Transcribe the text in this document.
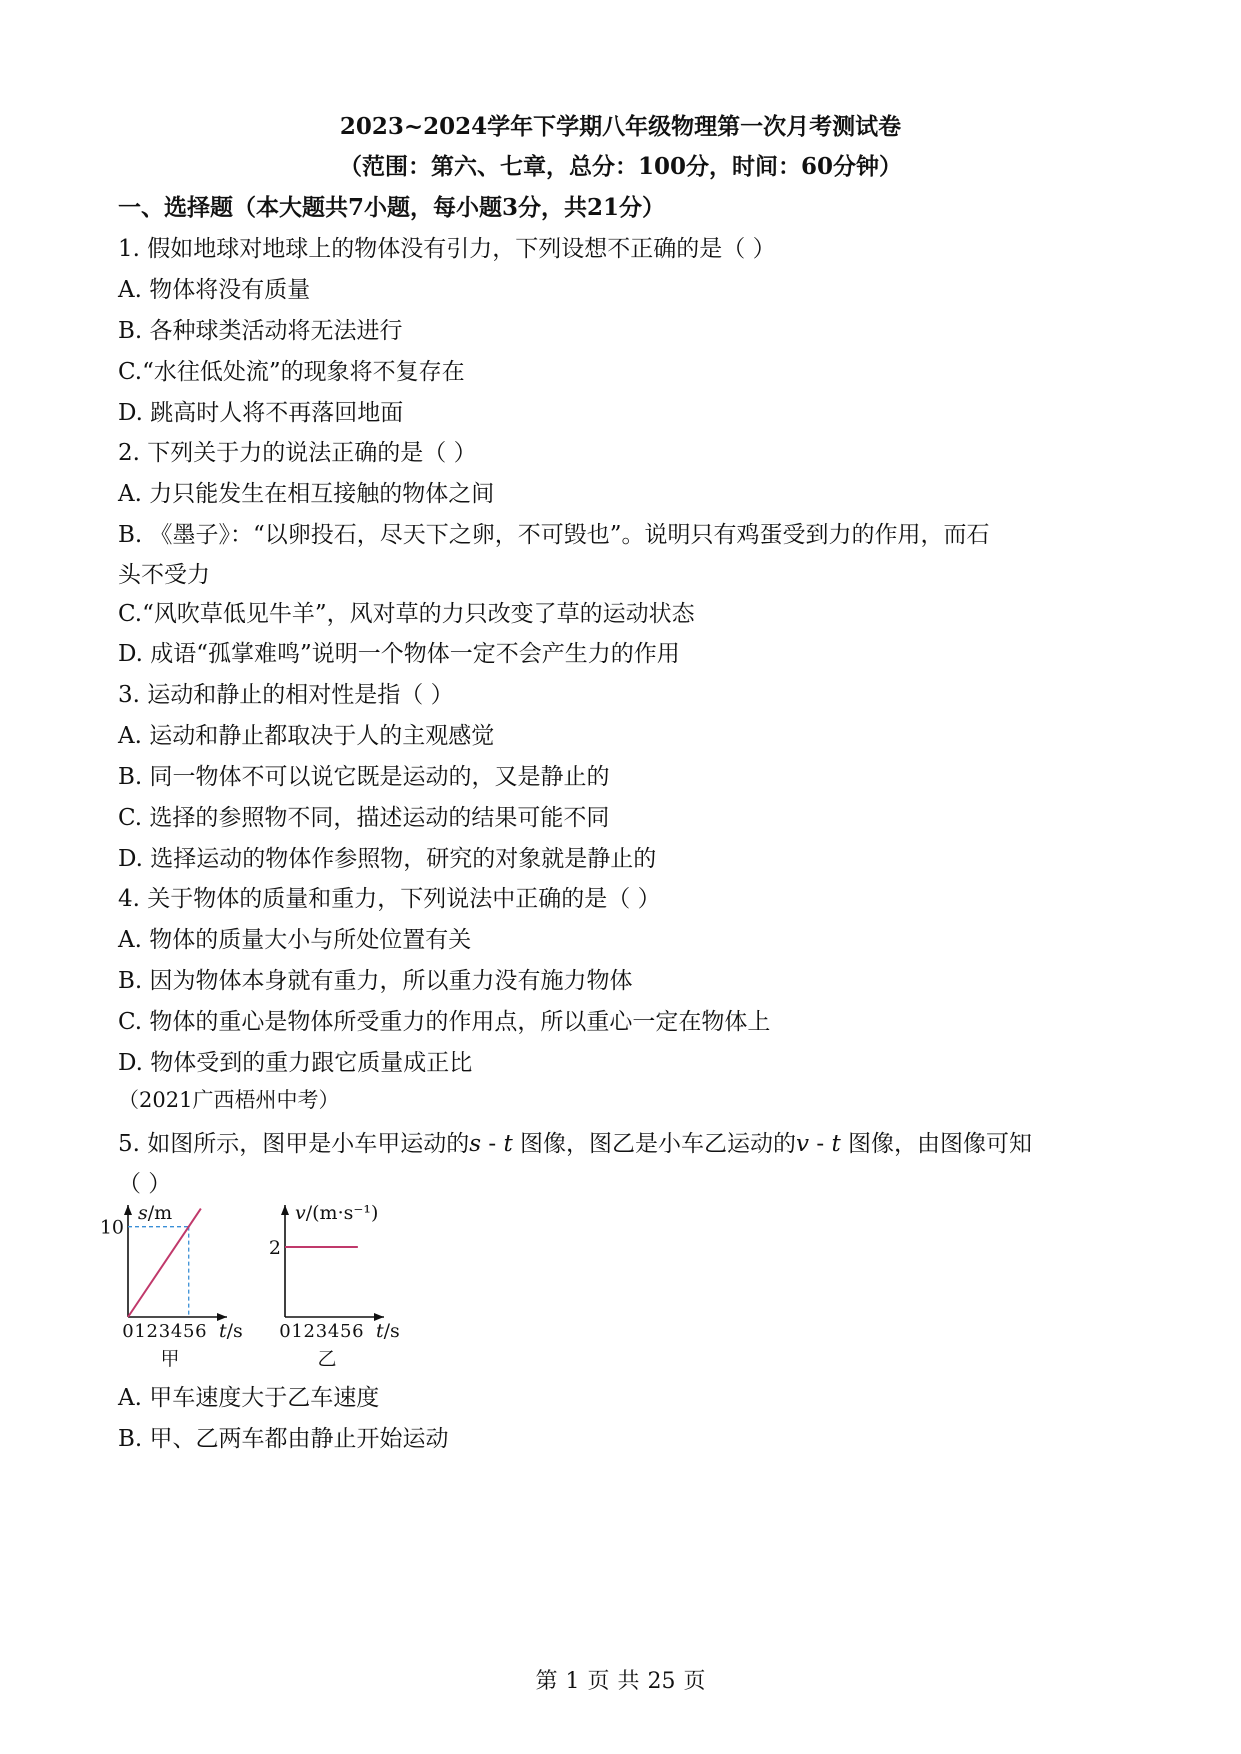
2023~2024学年下学期八年级物理第一次月考测试卷
（范围：第六、七章，总分：100分，时间：60分钟）
一、选择题（本大题共7小题，每小题3分，共21分）
1. 假如地球对地球上的物体没有引力，下列设想不正确的是（ ）
A. 物体将没有质量
B. 各种球类活动将无法进行
C.“水往低处流”的现象将不复存在
D. 跳高时人将不再落回地面
2. 下列关于力的说法正确的是（ ）
A. 力只能发生在相互接触的物体之间
B. 《墨子》：“以卵投石，尽天下之卵，不可毁也”。说明只有鸡蛋受到力的作用，而石
头不受力
C.“风吹草低见牛羊”，风对草的力只改变了草的运动状态
D. 成语“孤掌难鸣”说明一个物体一定不会产生力的作用
3. 运动和静止的相对性是指（ ）
A. 运动和静止都取决于人的主观感觉
B. 同一物体不可以说它既是运动的，又是静止的
C. 选择的参照物不同，描述运动的结果可能不同
D. 选择运动的物体作参照物，研究的对象就是静止的
4. 关于物体的质量和重力，下列说法中正确的是（ ）
A. 物体的质量大小与所处位置有关
B. 因为物体本身就有重力，所以重力没有施力物体
C. 物体的重心是物体所受重力的作用点，所以重心一定在物体上
D. 物体受到的重力跟它质量成正比
（2021广西梧州中考）
5. 如图所示，图甲是小车甲运动的s - t 图像，图乙是小车乙运动的v - t 图像，由图像可知
（ ）
s/m
0 1 2 3 4 5 6 t/s
10
甲
v/(m·s⁻¹)
0 1 2 3 4 5 6 t/s
2
乙
A. 甲车速度大于乙车速度
B. 甲、乙两车都由静止开始运动
第 1 页 共 25 页
